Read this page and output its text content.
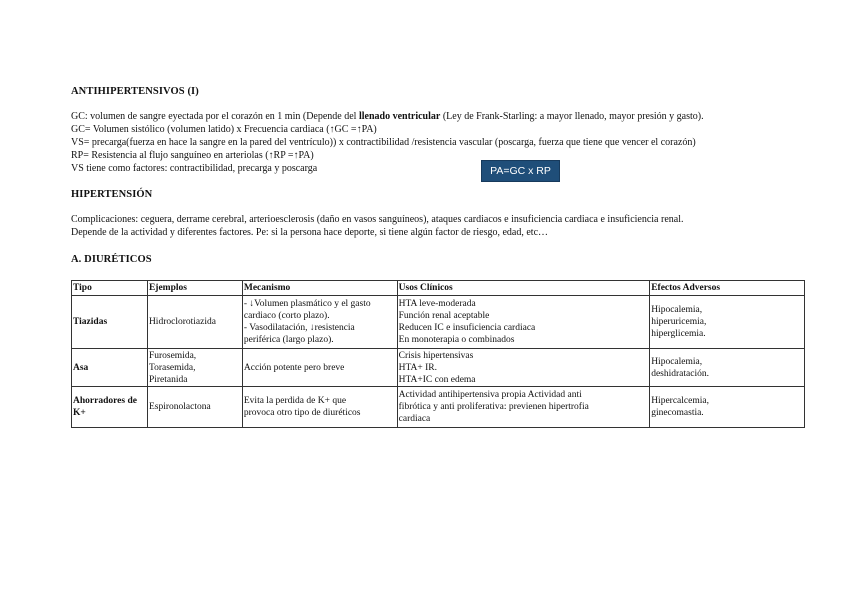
ANTIHIPERTENSIVOS (I)
GC: volumen de sangre eyectada por el corazón en 1 min (Depende del llenado ventricular (Ley de Frank-Starling: a mayor llenado, mayor presión y gasto).
GC= Volumen sistólico (volumen latido) x Frecuencia cardiaca (↑GC =↑PA)
VS= precarga(fuerza en hace la sangre en la pared del ventrículo)) x contractibilidad /resistencia vascular (poscarga, fuerza que tiene que vencer el corazón)
RP= Resistencia al flujo sanguíneo en arteriolas (↑RP =↑PA)
VS tiene como factores: contractibilidad, precarga y poscarga	PA=GC x RP
HIPERTENSIÓN
Complicaciones: ceguera, derrame cerebral, arterioesclerosis (daño en vasos sanguíneos), ataques cardiacos e insuficiencia cardiaca e insuficiencia renal.
Depende de la actividad y diferentes factores. Pe: si la persona hace deporte, si tiene algún factor de riesgo, edad, etc…
A. DIURÉTICOS
Tipo	Ejemplos	Mecanismo	Usos Clínicos	Efectos Adversos
Tiazidas	Hidroclorotiazida	- ↓Volumen plasmático y el gasto
cardiaco (corto plazo).
- Vasodilatación, ↓resistencia
periférica (largo plazo).	HTA leve-moderada
Función renal aceptable
Reducen IC e insuficiencia cardiaca
En monoterapia o combinados	Hipocalemia,
hiperuricemia,
hiperglicemia.

Asa	Furosemida,
Torasemida,
Piretanida	Acción potente pero breve	Crisis hipertensivas
HTA+ IR.
HTA+IC con edema	Hipocalemia,
deshidratación.

Ahorradores de
K+	Espironolactona	Evita la perdida de K+ que
provoca otro tipo de diuréticos	Actividad antihipertensiva propia Actividad anti
fibrótica y anti proliferativa: previenen hipertrofia
cardiaca	Hipercalcemia,
ginecomastia.
